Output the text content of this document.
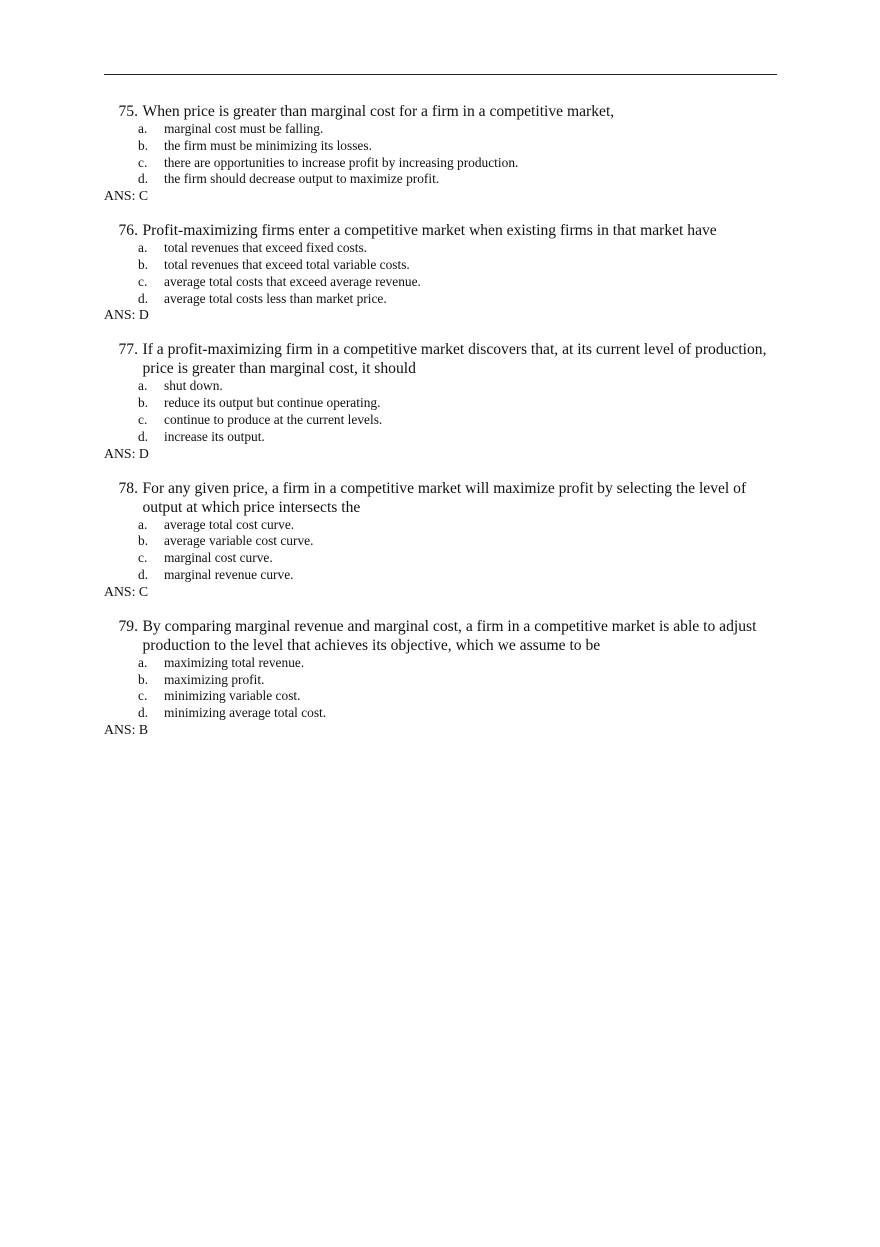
75. When price is greater than marginal cost for a firm in a competitive market,
a.	marginal cost must be falling.
b.	the firm must be minimizing its losses.
c.	there are opportunities to increase profit by increasing production.
d.	the firm should decrease output to maximize profit.
ANS: C
76. Profit-maximizing firms enter a competitive market when existing firms in that market have
a.	total revenues that exceed fixed costs.
b.	total revenues that exceed total variable costs.
c.	average total costs that exceed average revenue.
d.	average total costs less than market price.
ANS: D
77. If a profit-maximizing firm in a competitive market discovers that, at its current level of production, price is greater than marginal cost, it should
a.	shut down.
b.	reduce its output but continue operating.
c.	continue to produce at the current levels.
d.	increase its output.
ANS: D
78. For any given price, a firm in a competitive market will maximize profit by selecting the level of output at which price intersects the
a.	average total cost curve.
b.	average variable cost curve.
c.	marginal cost curve.
d.	marginal revenue curve.
ANS: C
79. By comparing marginal revenue and marginal cost, a firm in a competitive market is able to adjust production to the level that achieves its objective, which we assume to be
a.	maximizing total revenue.
b.	maximizing profit.
c.	minimizing variable cost.
d.	minimizing average total cost.
ANS: B
